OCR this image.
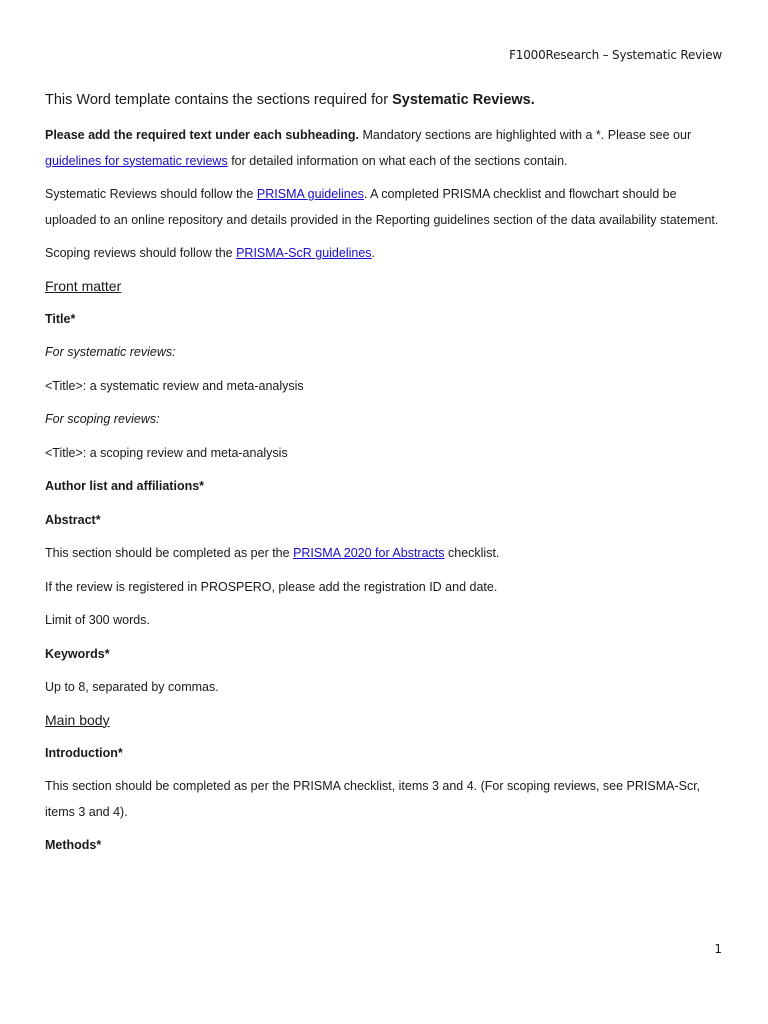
F1000Research – Systematic Review

This Word template contains the sections required for Systematic Reviews.

Please add the required text under each subheading. Mandatory sections are highlighted with a *. Please see our guidelines for systematic reviews for detailed information on what each of the sections contain.

Systematic Reviews should follow the PRISMA guidelines. A completed PRISMA checklist and flowchart should be uploaded to an online repository and details provided in the Reporting guidelines section of the data availability statement.

Scoping reviews should follow the PRISMA-ScR guidelines.

Front matter

Title*

For systematic reviews:

<Title>: a systematic review and meta-analysis

For scoping reviews:

<Title>: a scoping review and meta-analysis

Author list and affiliations*

Abstract*

This section should be completed as per the PRISMA 2020 for Abstracts checklist.

If the review is registered in PROSPERO, please add the registration ID and date.

Limit of 300 words.

Keywords*

Up to 8, separated by commas.

Main body

Introduction*

This section should be completed as per the PRISMA checklist, items 3 and 4. (For scoping reviews, see PRISMA-Scr, items 3 and 4).

Methods*

1
